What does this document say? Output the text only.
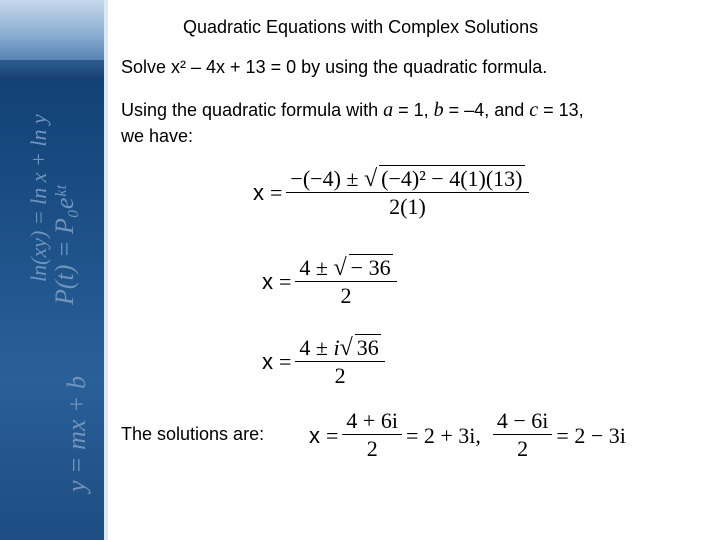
ln(xy) = ln x + ln y P(t) = P₀eᵏᵗ
y = mx + b
Quadratic Equations with Complex Solutions
Solve x² – 4x + 13 = 0 by using the quadratic formula.
Using the quadratic formula with a = 1, b = –4, and c = 13,
we have:
$x = \frac{\text{−(−4) ± √ (−4)² − 4(1)(13)}}{2(1)}$
$x = \frac{4 \pm √ - 36}{2}$
$x = \frac{4 \pm i√ 36}{2}$
The solutions are: $x = \frac{4 + 6i}{2} = 2 + 3i$, $\frac{4 - 6i}{2} = 2 - 3i$
